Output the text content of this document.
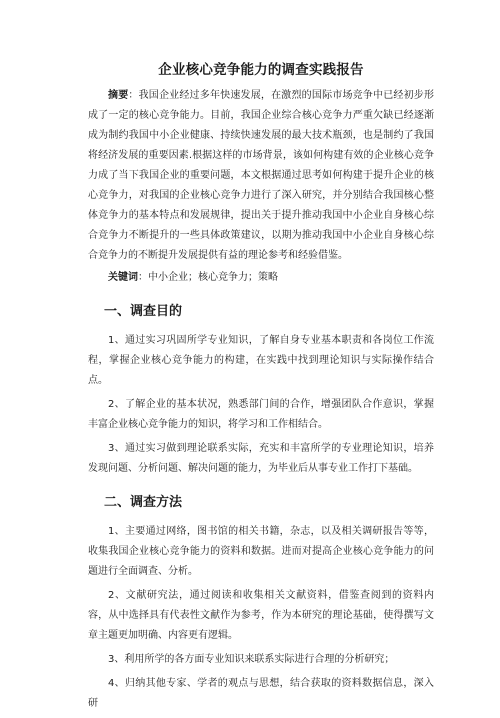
企业核心竞争能力的调查实践报告

摘要：我国企业经过多年快速发展，在激烈的国际市场竞争中已经初步形成了一定的核心竞争能力。目前，我国企业综合核心竞争力严重欠缺已经逐渐成为制约我国中小企业健康、持续快速发展的最大技术瓶颈，也是制约了我国将经济发展的重要因素.根据这样的市场背景，该如何构建有效的企业核心竞争力成了当下我国企业的重要问题，本文根据通过思考如何构建于提升企业的核心竞争力，对我国的企业核心竞争力进行了深入研究，并分别结合我国核心整体竞争力的基本特点和发展规律，提出关于提升推动我国中小企业自身核心综合竞争力不断提升的一些具体政策建议，以期为推动我国中小企业自身核心综合竞争力的不断提升发展提供有益的理论参考和经验借鉴。

关键词：中小企业；核心竞争力；策略

一、调查目的

1、通过实习巩固所学专业知识，了解自身专业基本职责和各岗位工作流程，掌握企业核心竞争能力的构建，在实践中找到理论知识与实际操作结合点。

2、了解企业的基本状况，熟悉部门间的合作，增强团队合作意识，掌握丰富企业核心竞争能力的知识，将学习和工作相结合。

3、通过实习做到理论联系实际，充实和丰富所学的专业理论知识，培养发现问题、分析问题、解决问题的能力，为毕业后从事专业工作打下基础。

二、调查方法

1、主要通过网络，图书馆的相关书籍，杂志，以及相关调研报告等等，收集我国企业核心竞争能力的资料和数据。进而对提高企业核心竞争能力的问题进行全面调查、分析。

2、文献研究法，通过阅读和收集相关文献资料，借鉴查阅到的资料内容，从中选择具有代表性文献作为参考，作为本研究的理论基础，使得撰写文章主题更加明确、内容更有逻辑。

3、利用所学的各方面专业知识来联系实际进行合理的分析研究；

4、归纳其他专家、学者的观点与思想，结合获取的资料数据信息，深入研
